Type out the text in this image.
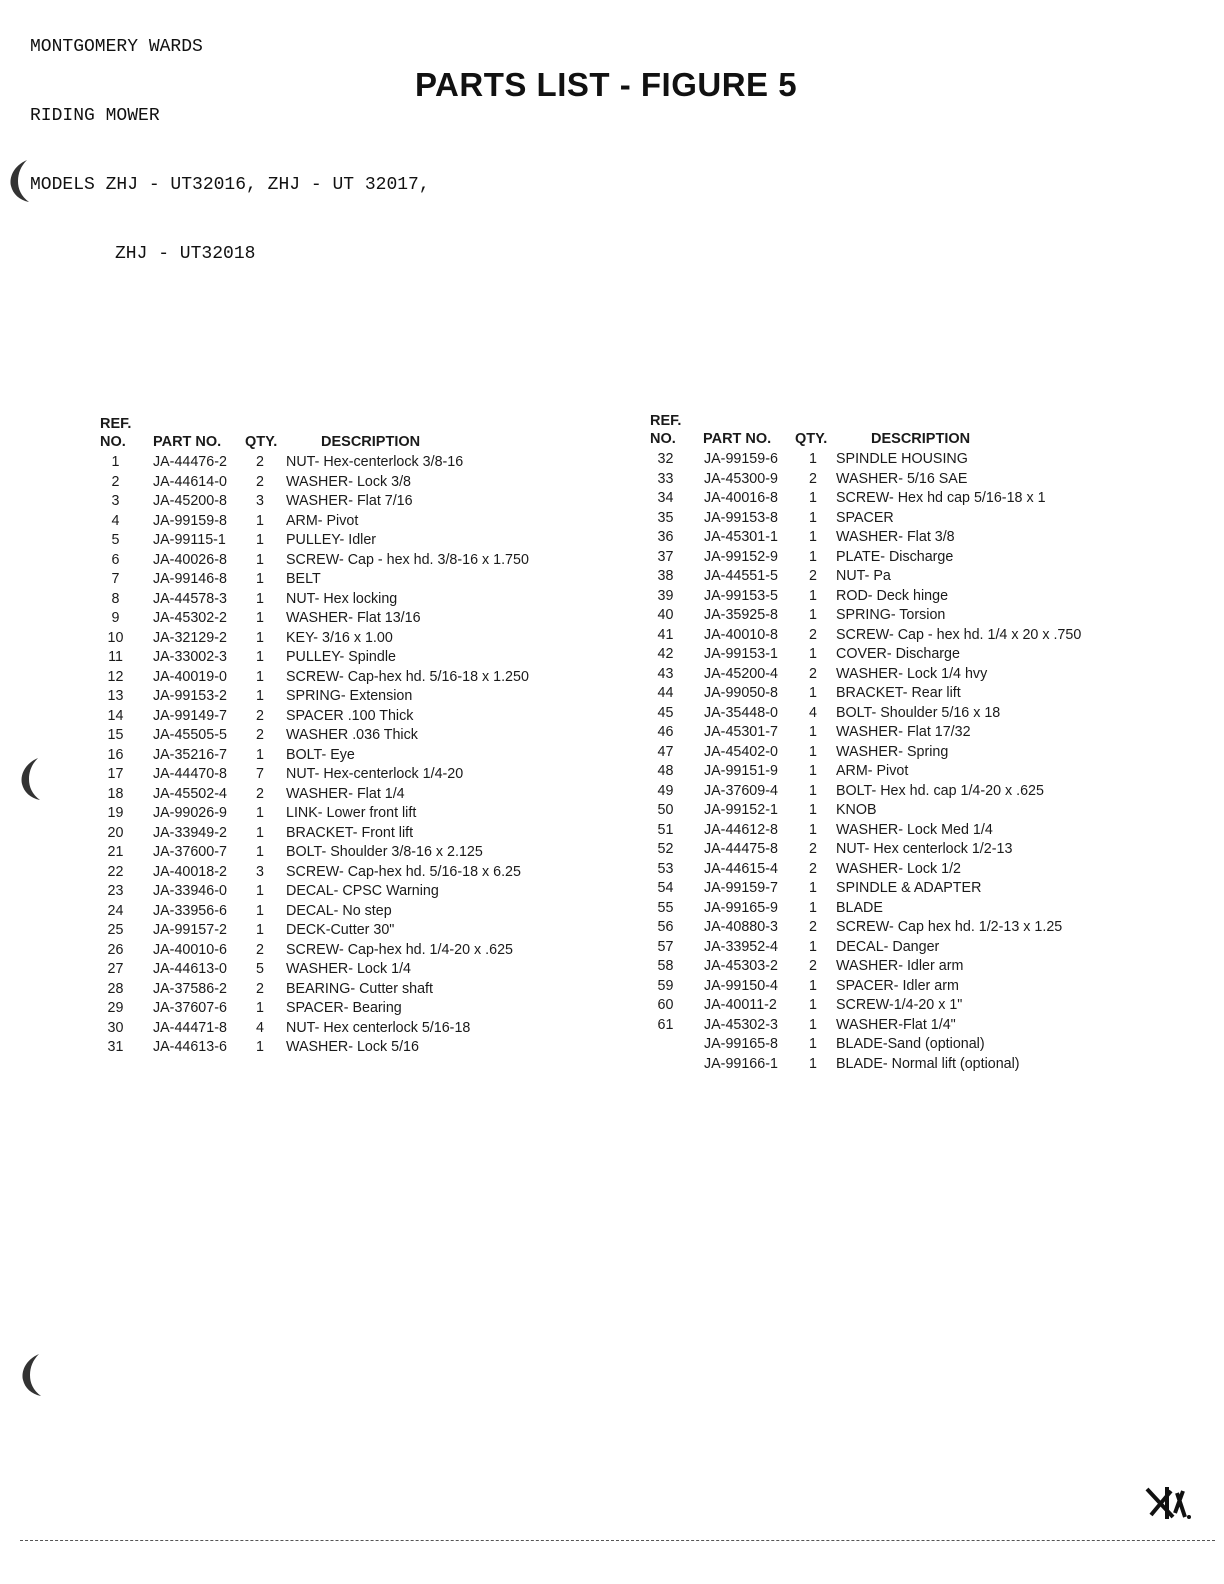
MONTGOMERY WARDS

RIDING MOWER

MODELS ZHJ - UT32016, ZHJ - UT 32017,

ZHJ - UT32018

PARTS LIST - FIGURE 5
REF.
NO. PART NO. QTY.	DESCRIPTION
1	JA-44476-2 2 NUT- Hex-centerlock 3/8-16
2	JA-44614-0 2 WASHER- Lock 3/8
3	JA-45200-8 3 WASHER- Flat 7/16
4	JA-99159-8 1 ARM- Pivot
5	JA-99115-1 1 PULLEY- Idler
6	JA-40026-8 1 SCREW- Cap - hex hd. 3/8-16 x 1.750
7	JA-99146-8 1 BELT
8	JA-44578-3 1 NUT- Hex locking
9	JA-45302-2 1 WASHER- Flat 13/16
10	JA-32129-2 1 KEY- 3/16 x 1.00
11	JA-33002-3 1 PULLEY- Spindle
12	JA-40019-0 1 SCREW- Cap-hex hd. 5/16-18 x 1.250
13	JA-99153-2 1 SPRING- Extension
14	JA-99149-7 2 SPACER .100 Thick
15	JA-45505-5 2 WASHER .036 Thick
16	JA-35216-7 1 BOLT- Eye
17	JA-44470-8 7 NUT- Hex-centerlock 1/4-20
18	JA-45502-4 2 WASHER- Flat 1/4
19	JA-99026-9 1 LINK- Lower front lift
20	JA-33949-2 1 BRACKET- Front lift
21	JA-37600-7 1 BOLT- Shoulder 3/8-16 x 2.125
22	JA-40018-2 3 SCREW- Cap-hex hd. 5/16-18 x 6.25
23	JA-33946-0 1 DECAL- CPSC Warning
24	JA-33956-6 1 DECAL- No step
25	JA-99157-2 1 DECK-Cutter 30"
26	JA-40010-6 2 SCREW- Cap-hex hd. 1/4-20 x .625
27	JA-44613-0 5 WASHER- Lock 1/4
28	JA-37586-2 2 BEARING- Cutter shaft
29	JA-37607-6 1 SPACER- Bearing
30	JA-44471-8 4 NUT- Hex centerlock 5/16-18
31	JA-44613-6 1 WASHER- Lock 5/16
REF.
NO. PART NO. QTY.	DESCRIPTION
32	JA-99159-6 1 SPINDLE HOUSING
33	JA-45300-9 2 WASHER- 5/16 SAE
34	JA-40016-8 1 SCREW- Hex hd cap 5/16-18 x 1
35	JA-99153-8 1 SPACER
36	JA-45301-1 1 WASHER- Flat 3/8
37	JA-99152-9 1 PLATE- Discharge
38	JA-44551-5 2 NUT- Pa
39	JA-99153-5 1 ROD- Deck hinge
40	JA-35925-8 1 SPRING- Torsion
41	JA-40010-8 2 SCREW- Cap - hex hd. 1/4 x 20 x .750
42	JA-99153-1 1 COVER- Discharge
43	JA-45200-4 2 WASHER- Lock 1/4 hvy
44	JA-99050-8 1 BRACKET- Rear lift
45	JA-35448-0 4 BOLT- Shoulder 5/16 x 18
46	JA-45301-7 1 WASHER- Flat 17/32
47	JA-45402-0 1 WASHER- Spring
48	JA-99151-9 1 ARM- Pivot
49	JA-37609-4 1 BOLT- Hex hd. cap 1/4-20 x .625
50	JA-99152-1 1 KNOB
51	JA-44612-8 1 WASHER- Lock Med 1/4
52	JA-44475-8 2 NUT- Hex centerlock 1/2-13
53	JA-44615-4 2 WASHER- Lock 1/2
54	JA-99159-7 1 SPINDLE & ADAPTER
55	JA-99165-9 1 BLADE
56	JA-40880-3 2 SCREW- Cap hex hd. 1/2-13 x 1.25
57	JA-33952-4 1 DECAL- Danger
58	JA-45303-2 2 WASHER- Idler arm
59	JA-99150-4 1 SPACER- Idler arm
60	JA-40011-2 1 SCREW-1/4-20 x 1"
61	JA-45302-3 1 WASHER-Flat 1/4"
JA-99165-8 1 BLADE-Sand (optional)
JA-99166-1 1 BLADE- Normal lift (optional)
